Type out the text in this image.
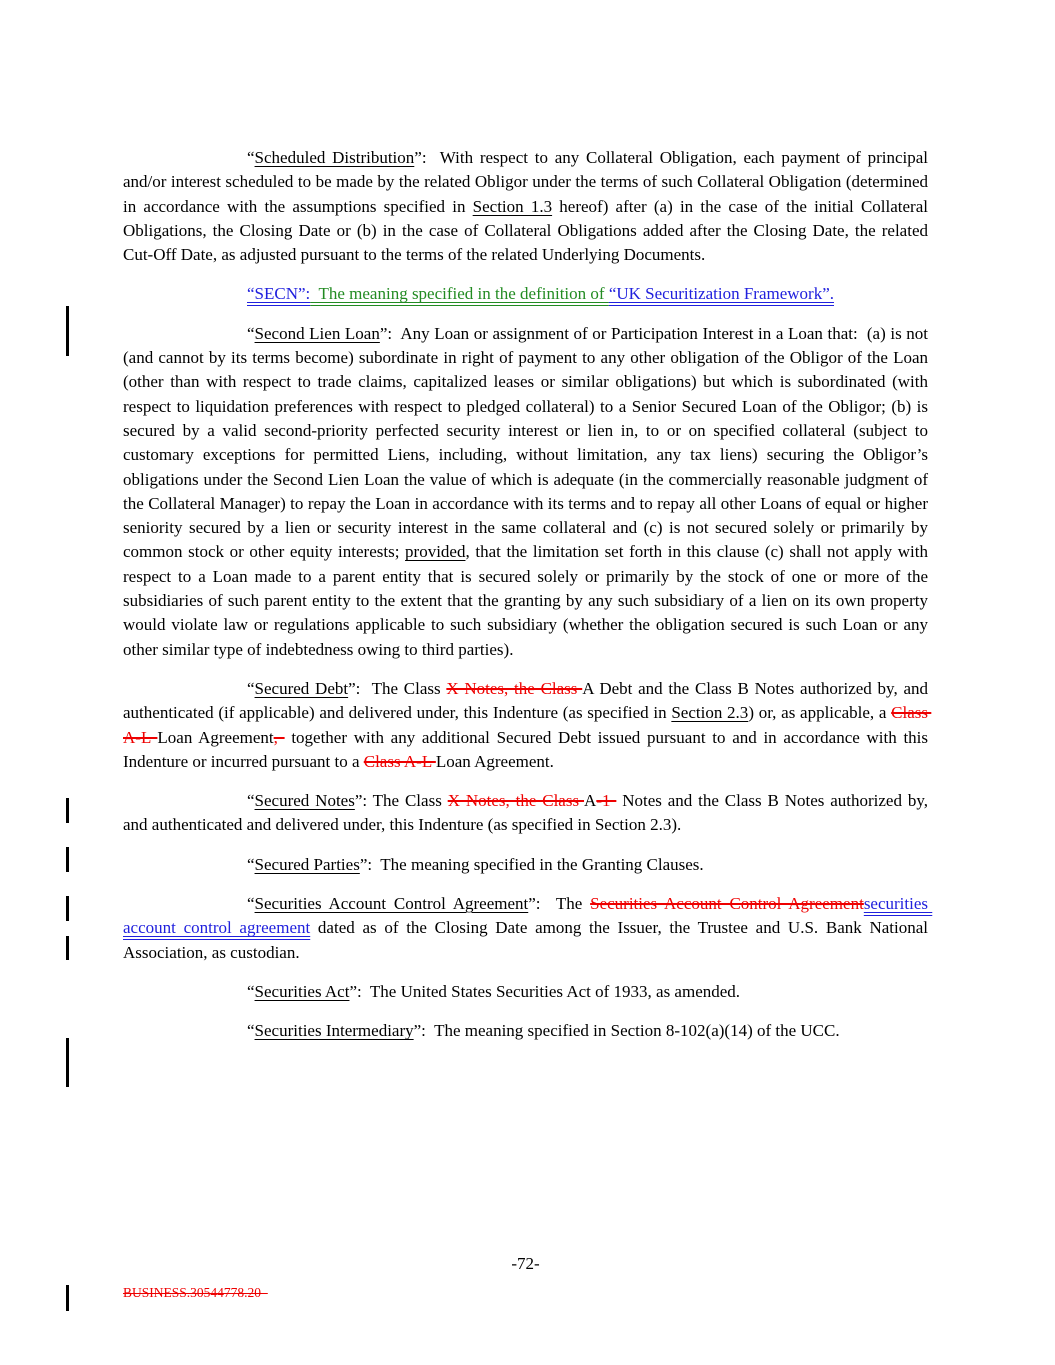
“Scheduled Distribution”:  With respect to any Collateral Obligation, each payment of principal and/or interest scheduled to be made by the related Obligor under the terms of such Collateral Obligation (determined in accordance with the assumptions specified in Section 1.3 hereof) after (a) in the case of the initial Collateral Obligations, the Closing Date or (b) in the case of Collateral Obligations added after the Closing Date, the related Cut-Off Date, as adjusted pursuant to the terms of the related Underlying Documents.

“SECN”:  The meaning specified in the definition of “UK Securitization Framework”.

“Second Lien Loan”:  Any Loan or assignment of or Participation Interest in a Loan that:  (a) is not (and cannot by its terms become) subordinate in right of payment to any other obligation of the Obligor of the Loan (other than with respect to trade claims, capitalized leases or similar obligations) but which is subordinated (with respect to liquidation preferences with respect to pledged collateral) to a Senior Secured Loan of the Obligor; (b) is secured by a valid second-priority perfected security interest or lien in, to or on specified collateral (subject to customary exceptions for permitted Liens, including, without limitation, any tax liens) securing the Obligor’s obligations under the Second Lien Loan the value of which is adequate (in the commercially reasonable judgment of the Collateral Manager) to repay the Loan in accordance with its terms and to repay all other Loans of equal or higher seniority secured by a lien or security interest in the same collateral and (c) is not secured solely or primarily by common stock or other equity interests; provided, that the limitation set forth in this clause (c) shall not apply with respect to a Loan made to a parent entity that is secured solely or primarily by the stock of one or more of the subsidiaries of such parent entity to the extent that the granting by any such subsidiary of a lien on its own property would violate law or regulations applicable to such subsidiary (whether the obligation secured is such Loan or any other similar type of indebtedness owing to third parties).

“Secured Debt”:  The Class X Notes, the Class A Debt and the Class B Notes authorized by, and authenticated (if applicable) and delivered under, this Indenture (as specified in Section 2.3) or, as applicable, a Class A-L Loan Agreement,  together with any additional Secured Debt issued pursuant to and in accordance with this Indenture or incurred pursuant to a Class A-L Loan Agreement.

“Secured Notes”: The Class X Notes, the Class A-1  Notes and the Class B Notes authorized by, and authenticated and delivered under, this Indenture (as specified in Section 2.3).

“Secured Parties”:  The meaning specified in the Granting Clauses.

“Securities Account Control Agreement”:  The Securities Account Control Agreementsecurities account control agreement dated as of the Closing Date among the Issuer, the Trustee and U.S. Bank National Association, as custodian.

“Securities Act”:  The United States Securities Act of 1933, as amended.

“Securities Intermediary”:  The meaning specified in Section 8-102(a)(14) of the UCC.

-72-
BUSINESS.30544778.20
